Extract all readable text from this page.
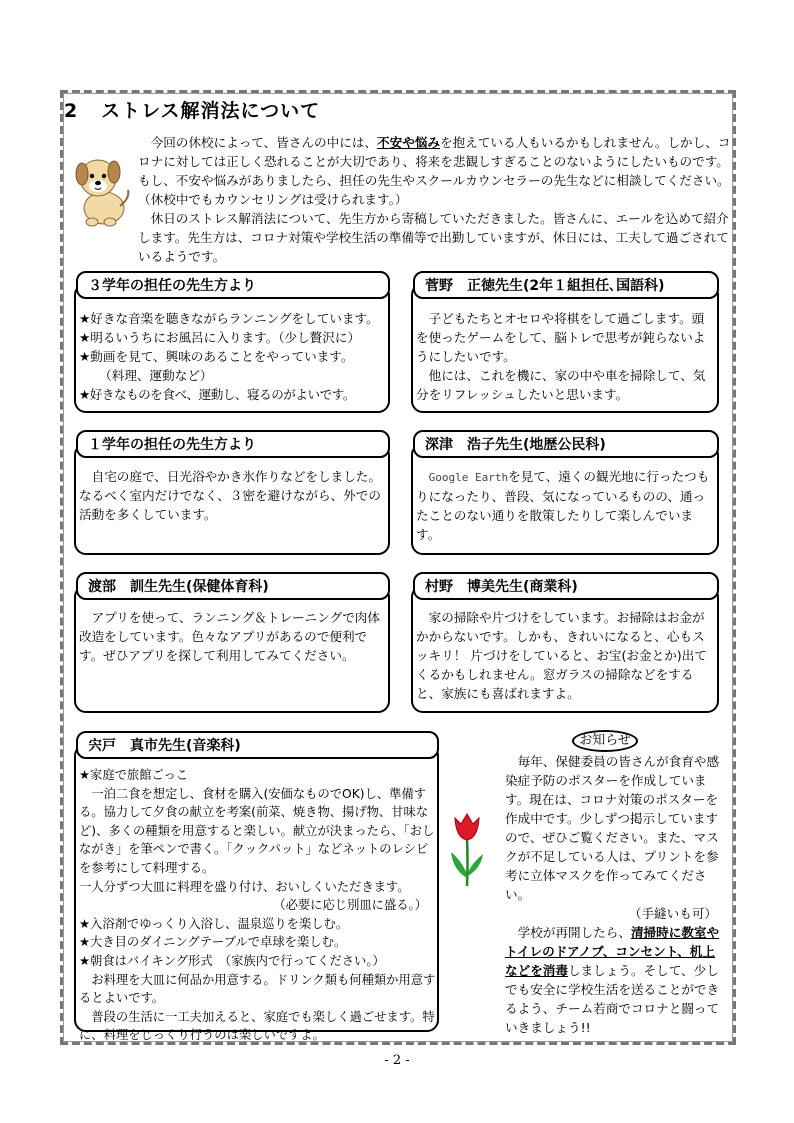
2 ストレス解消法について

今回の休校によって、皆さんの中には、不安や悩みを抱えている人もいるかもしれません。しかし、コロナに対しては正しく恐れることが大切であり、将来を悲観しすぎることのないようにしたいものです。もし、不安や悩みがありましたら、担任の先生やスクールカウンセラーの先生などに相談してください。（休校中でもカウンセリングは受けられます。）

休日のストレス解消法について、先生方から寄稿していただきました。皆さんに、エールを込めて紹介します。先生方は、コロナ対策や学校生活の準備等で出勤していますが、休日には、工夫して過ごされているようです。

３学年の担任の先生方より

★好きな音楽を聴きながらランニングをしています。

★明るいうちにお風呂に入ります。（少し贅沢に）

★動画を見て、興味のあることをやっています。

（料理、運動など）

★好きなものを食べ、運動し、寝るのがよいです。

菅野　正徳先生(2年１組担任､国語科)

子どもたちとオセロや将棋をして過ごします。頭を使ったゲームをして、脳トレで思考が鈍らないようにしたいです。

他には、これを機に、家の中や車を掃除して、気分をリフレッシュしたいと思います。

１学年の担任の先生方より

自宅の庭で、日光浴やかき氷作りなどをしました。なるべく室内だけでなく、３密を避けながら、外での活動を多くしています。

深津　浩子先生(地歴公民科)

Google Earthを見て、遠くの観光地に行ったつもりになったり、普段、気になっているものの、通ったことのない通りを散策したりして楽しんでいます。

渡部　訓生先生(保健体育科)

アプリを使って、ランニング＆トレーニングで肉体改造をしています。色々なアプリがあるので便利です。ぜひアプリを探して利用してみてください。

村野　博美先生(商業科)

家の掃除や片づけをしています。お掃除はお金がかからないです。しかも、きれいになると、心もスッキリ！ 片づけをしていると、お宝(お金とか)出てくるかもしれません。窓ガラスの掃除などをすると、家族にも喜ばれますよ。

宍戸　真市先生(音楽科)

★家庭で旅館ごっこ

一泊二食を想定し、食材を購入(安価なものでOK)し、準備する。協力して夕食の献立を考案(前菜、焼き物、揚げ物、甘味など)、多くの種類を用意すると楽しい。献立が決まったら、「おしながき」を筆ペンで書く。「クックパット」などネットのレシピを参考にして料理する。

一人分ずつ大皿に料理を盛り付け、おいしくいただきます。

（必要に応じ別皿に盛る。）

★入浴剤でゆっくり入浴し、温泉巡りを楽しむ。

★大き目のダイニングテーブルで卓球を楽しむ。

★朝食はバイキング形式　（家族内で行ってください。）

お料理を大皿に何品か用意する。ドリンク類も何種類か用意するとよいです。

普段の生活に一工夫加えると、家庭でも楽しく過ごせます。特に、料理をじっくり行うのは楽しいですよ。

お知らせ

毎年、保健委員の皆さんが食育や感染症予防のポスターを作成しています。現在は、コロナ対策のポスターを作成中です。少しずつ掲示していますので、ぜひご覧ください。また、マスクが不足している人は、プリントを参考に立体マスクを作ってみてください。

（手縫いも可）

学校が再開したら、清掃時に教室やトイレのドアノブ、コンセント、机上などを消毒しましょう。そして、少しでも安全に学校生活を送ることができるよう、チーム若商でコロナと闘っていきましょう!!

- 2 -
